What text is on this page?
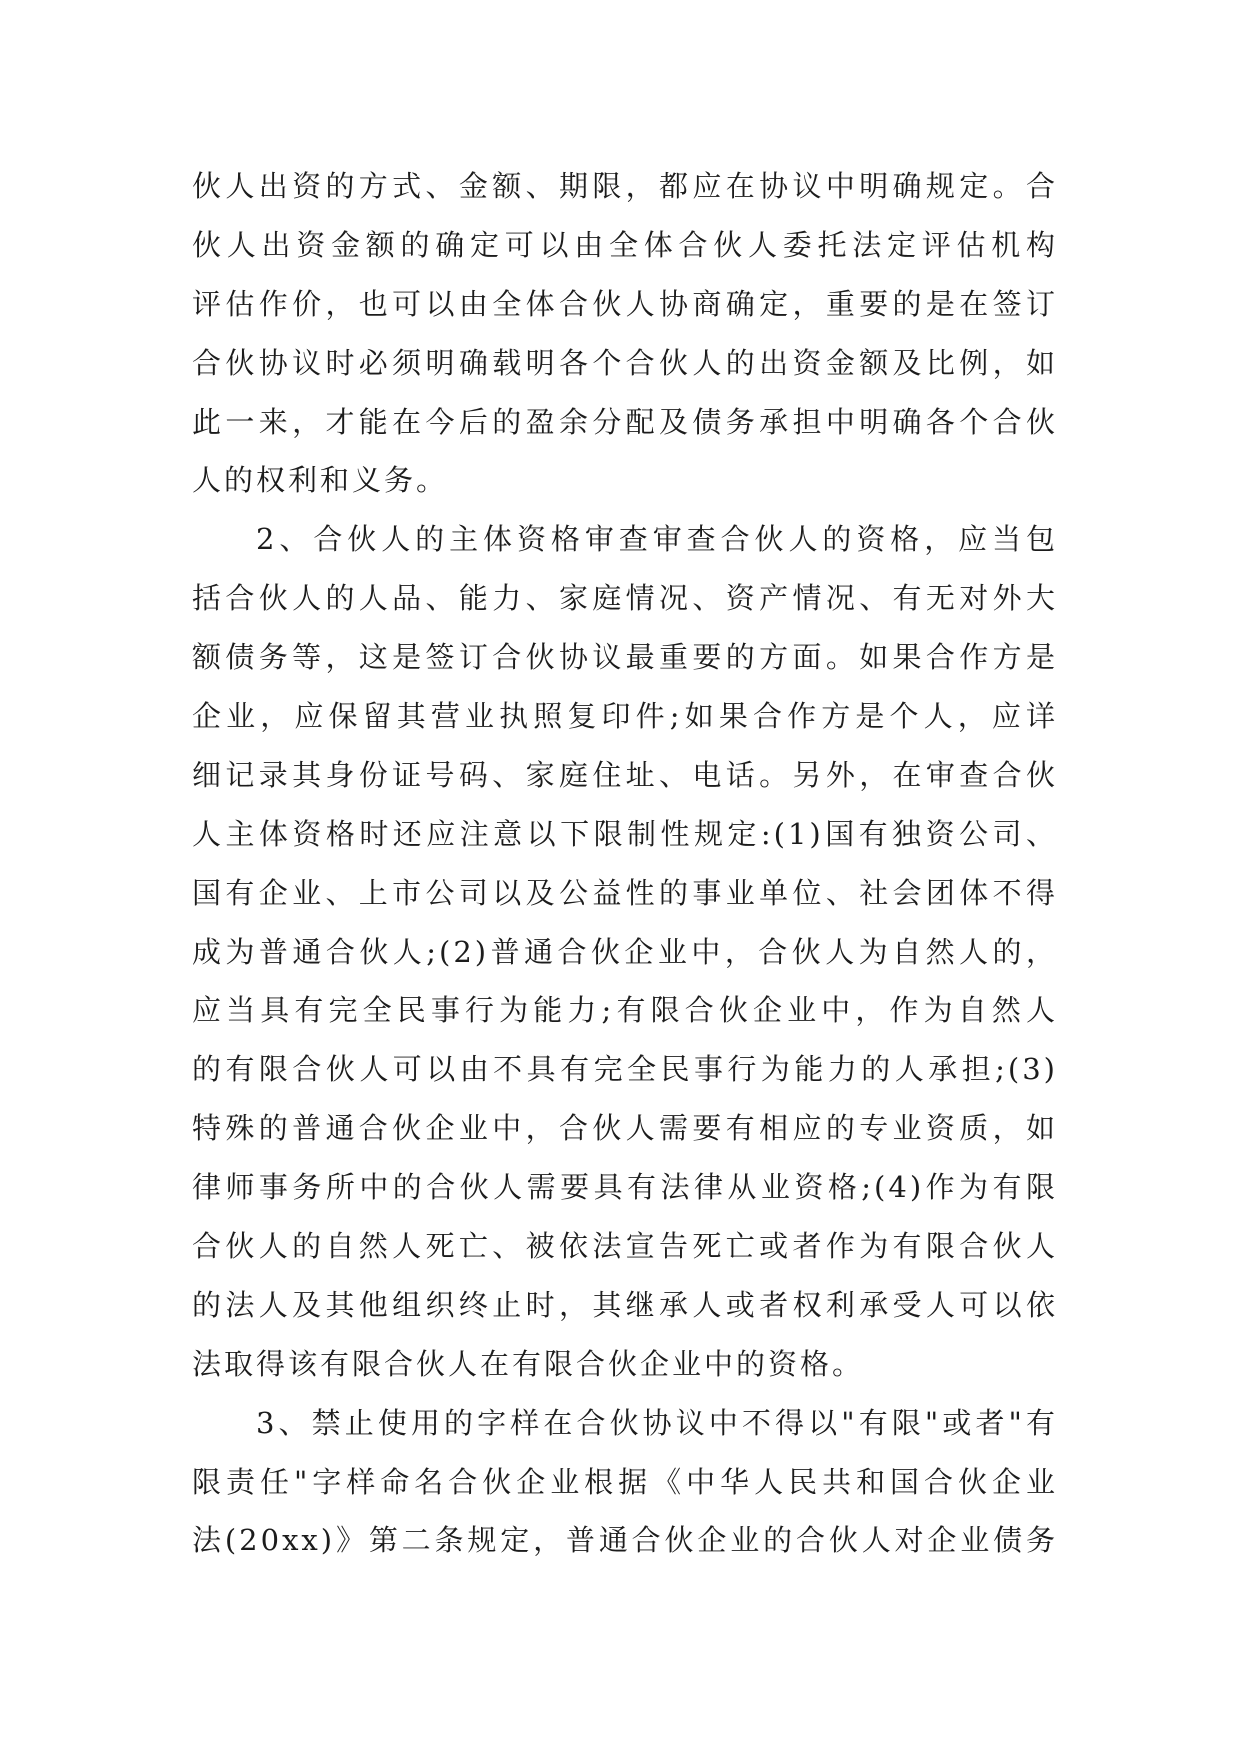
伙人出资的方式、金额、期限，都应在协议中明确规定。合
伙人出资金额的确定可以由全体合伙人委托法定评估机构
评估作价，也可以由全体合伙人协商确定，重要的是在签订
合伙协议时必须明确载明各个合伙人的出资金额及比例，如
此一来，才能在今后的盈余分配及债务承担中明确各个合伙
人的权利和义务。
2、合伙人的主体资格审查审查合伙人的资格，应当包
括合伙人的人品、能力、家庭情况、资产情况、有无对外大
额债务等，这是签订合伙协议最重要的方面。如果合作方是
企业，应保留其营业执照复印件;如果合作方是个人，应详
细记录其身份证号码、家庭住址、电话。另外，在审查合伙
人主体资格时还应注意以下限制性规定:(1)国有独资公司、
国有企业、上市公司以及公益性的事业单位、社会团体不得
成为普通合伙人;(2)普通合伙企业中，合伙人为自然人的，
应当具有完全民事行为能力;有限合伙企业中，作为自然人
的有限合伙人可以由不具有完全民事行为能力的人承担;(3)
特殊的普通合伙企业中，合伙人需要有相应的专业资质，如
律师事务所中的合伙人需要具有法律从业资格;(4)作为有限
合伙人的自然人死亡、被依法宣告死亡或者作为有限合伙人
的法人及其他组织终止时，其继承人或者权利承受人可以依
法取得该有限合伙人在有限合伙企业中的资格。
3、禁止使用的字样在合伙协议中不得以"有限"或者"有
限责任"字样命名合伙企业根据《中华人民共和国合伙企业
法(20xx)》第二条规定，普通合伙企业的合伙人对企业债务
